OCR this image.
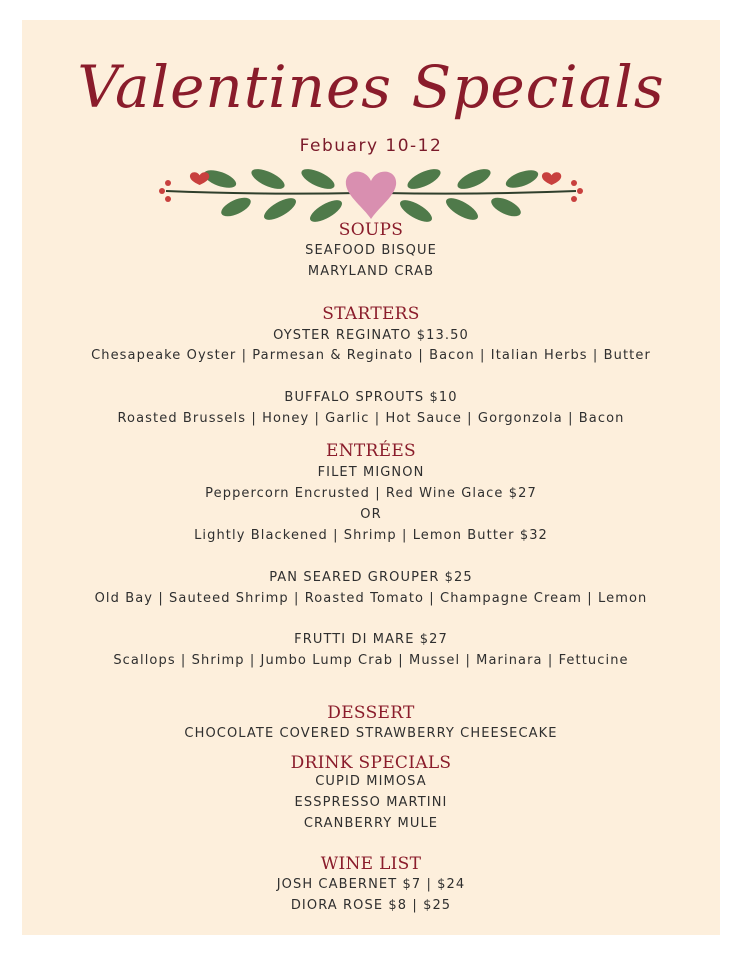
Valentines Specials
Febuary 10-12
SOUPS
SEAFOOD BISQUE
MARYLAND CRAB
STARTERS
OYSTER REGINATO $13.50
Chesapeake Oyster | Parmesan & Reginato | Bacon | Italian Herbs | Butter
BUFFALO SPROUTS $10
Roasted Brussels | Honey | Garlic | Hot Sauce | Gorgonzola | Bacon
ENTRÉES
FILET MIGNON
Peppercorn Encrusted | Red Wine Glace $27
OR
Lightly Blackened | Shrimp | Lemon Butter $32
PAN SEARED GROUPER $25
Old Bay | Sauteed Shrimp | Roasted Tomato | Champagne Cream | Lemon
FRUTTI DI MARE $27
Scallops | Shrimp | Jumbo Lump Crab | Mussel | Marinara | Fettucine
DESSERT
CHOCOLATE COVERED STRAWBERRY CHEESECAKE
DRINK SPECIALS
CUPID MIMOSA
ESSPRESSO MARTINI
CRANBERRY MULE
WINE LIST
JOSH CABERNET $7 | $24
DIORA ROSE $8 | $25
